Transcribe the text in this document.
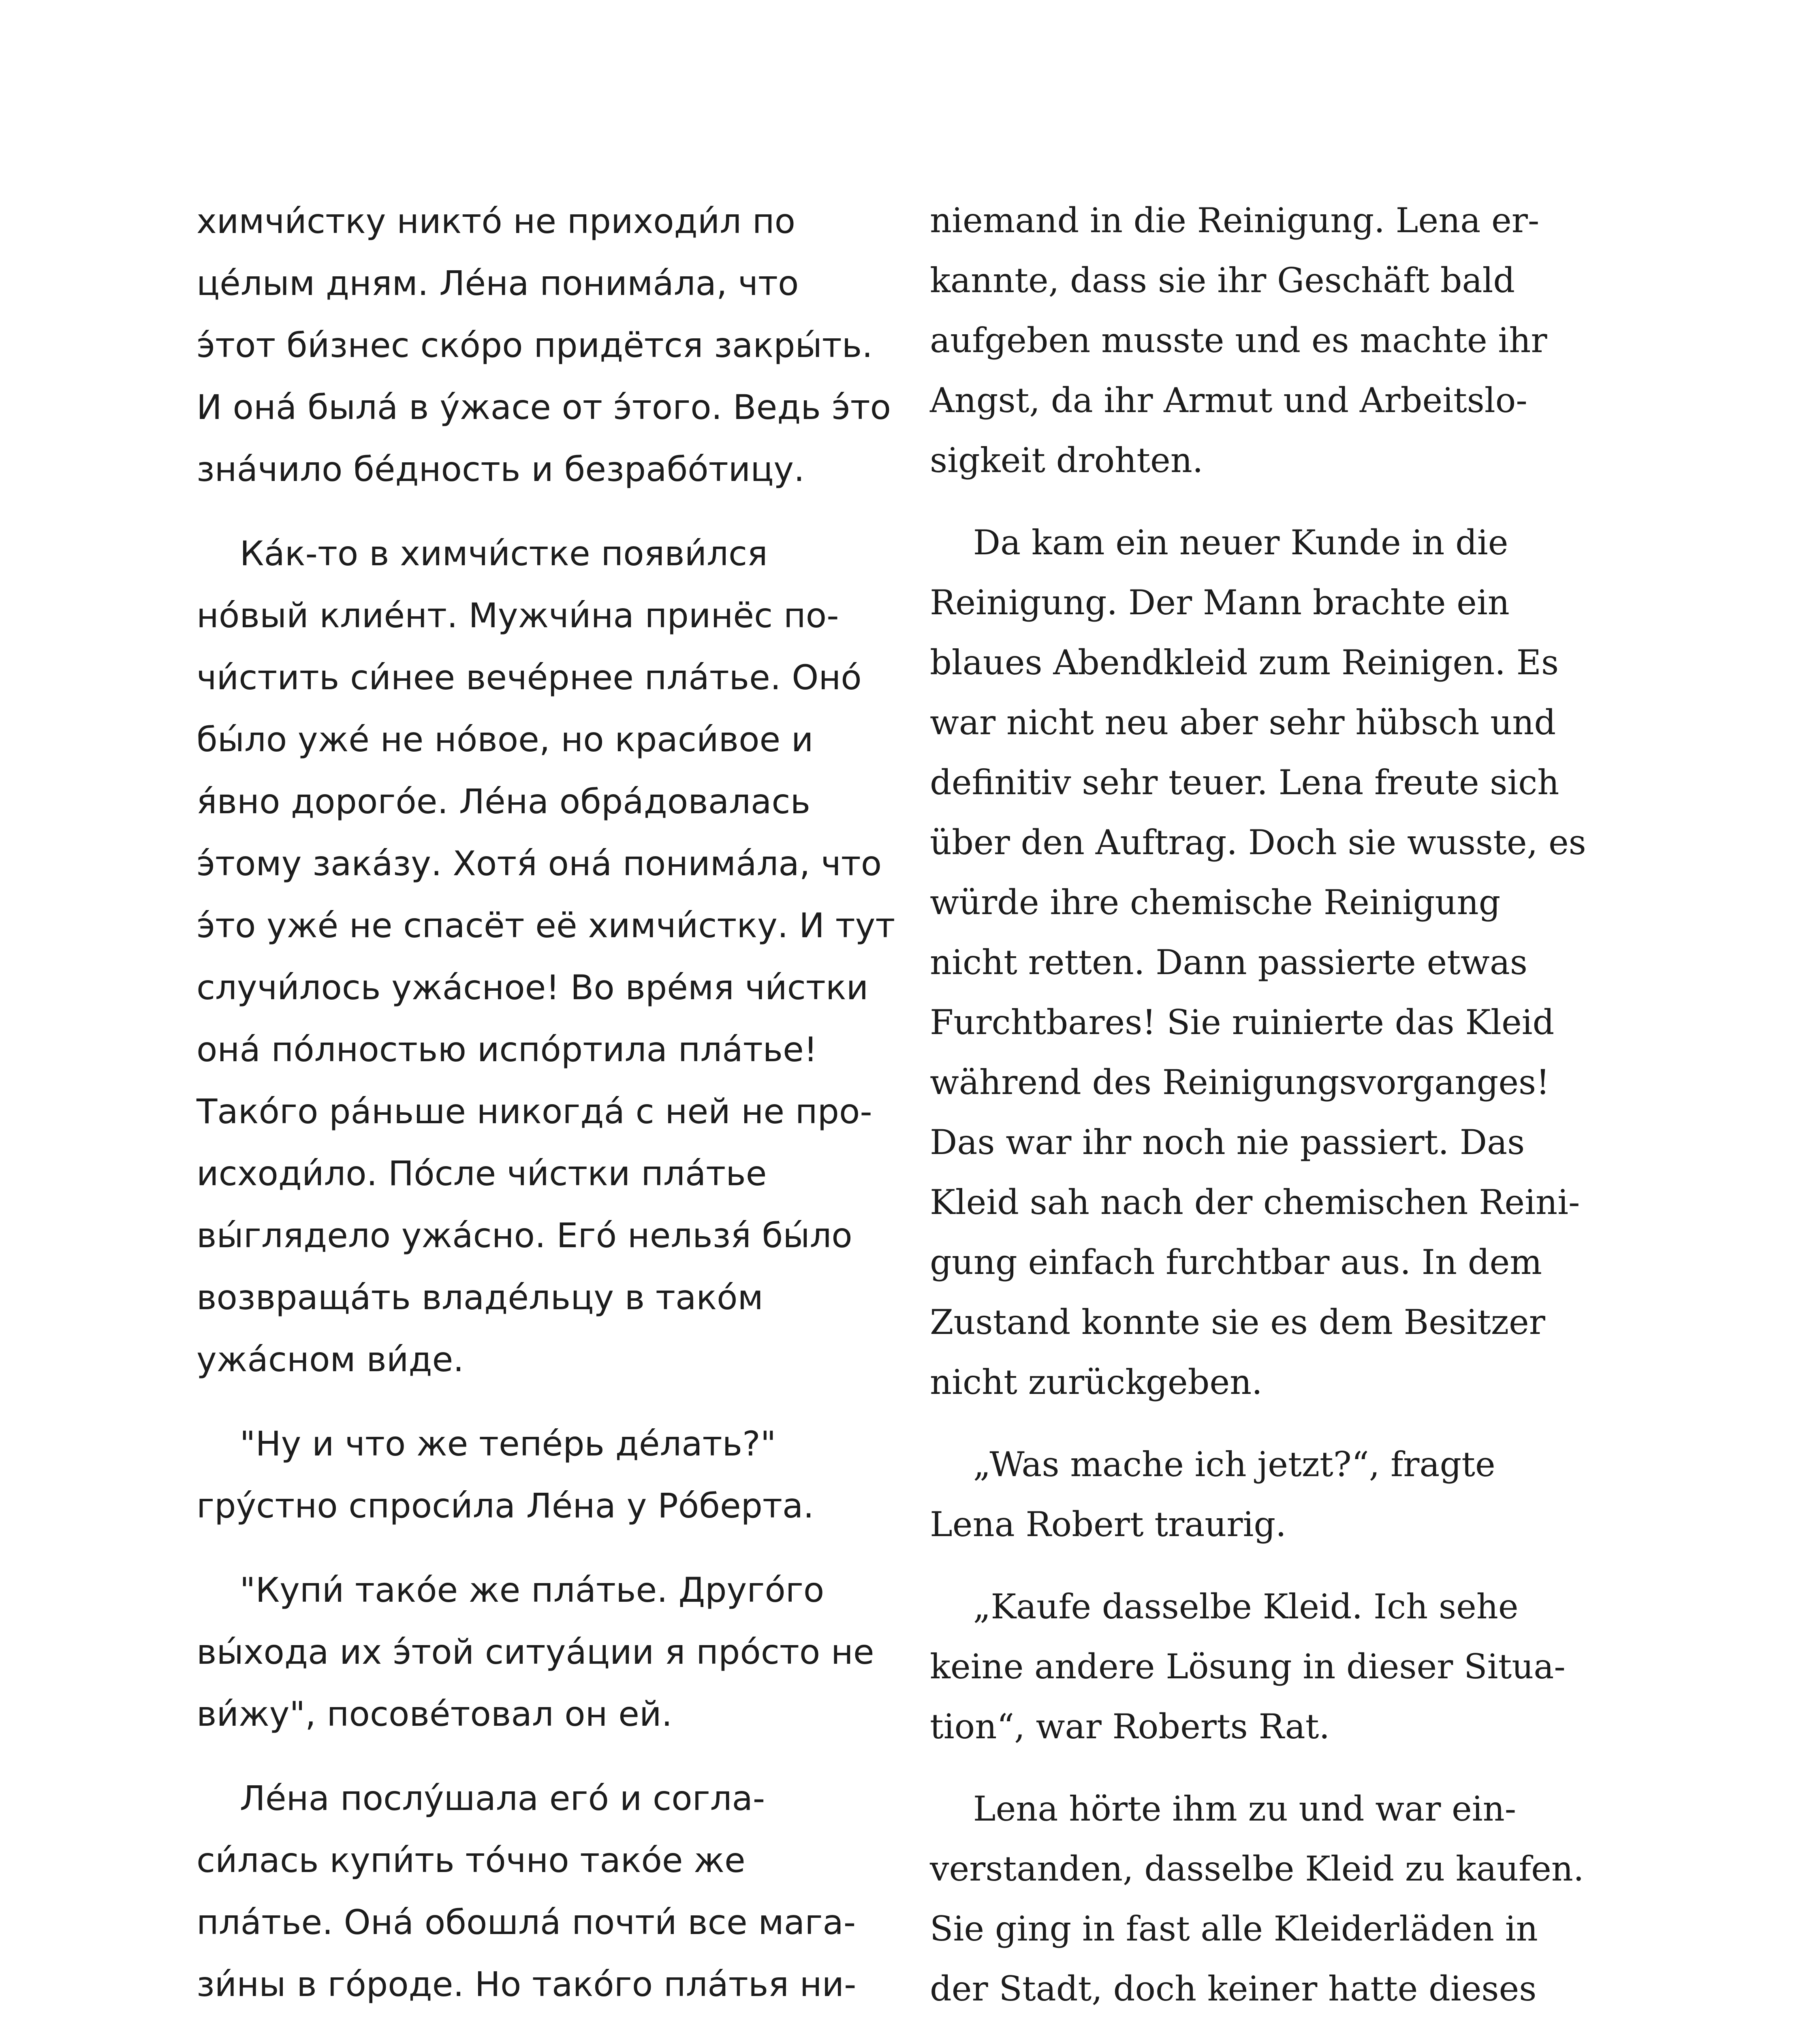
химчи́стку никто́ не приходи́л по
це́лым дням. Ле́на понима́ла, что
э́тот би́знес ско́ро придётся закры́ть.
И она́ была́ в у́жасе от э́того. Ведь э́то
зна́чило бе́дность и безрабо́тицу.
Ка́к-то в химчи́стке появи́лся
но́вый клие́нт. Мужчи́на принёс по-
чи́стить си́нее вече́рнее пла́тье. Оно́
бы́ло уже́ не но́вое, но краси́вое и
я́вно дорого́е. Ле́на обра́довалась
э́тому зака́зу. Хотя́ она́ понима́ла, что
э́то уже́ не спасёт её химчи́стку. И тут
случи́лось ужа́сное! Во вре́мя чи́стки
она́ по́лностью испо́ртила пла́тье!
Тако́го ра́ньше никогда́ с ней не про-
исходи́ло. По́сле чи́стки пла́тье
вы́глядело ужа́сно. Его́ нельзя́ бы́ло
возвраща́ть владе́льцу в тако́м
ужа́сном ви́де.
"Ну и что же тепе́рь де́лать?"
гру́стно спроси́ла Ле́на у Ро́берта.
"Купи́ тако́е же пла́тье. Друго́го
вы́хода их э́той ситуа́ции я про́сто не
ви́жу", посове́товал он ей.
Ле́на послу́шала его́ и согла-
си́лась купи́ть то́чно тако́е же
пла́тье. Она́ обошла́ почти́ все мага-
зи́ны в го́роде. Но тако́го пла́тья ни-
niemand in die Reinigung. Lena er-
kannte, dass sie ihr Geschäft bald
aufgeben musste und es machte ihr
Angst, da ihr Armut und Arbeitslo-
sigkeit drohten.
Da kam ein neuer Kunde in die
Reinigung. Der Mann brachte ein
blaues Abendkleid zum Reinigen. Es
war nicht neu aber sehr hübsch und
definitiv sehr teuer. Lena freute sich
über den Auftrag. Doch sie wusste, es
würde ihre chemische Reinigung
nicht retten. Dann passierte etwas
Furchtbares! Sie ruinierte das Kleid
während des Reinigungsvorganges!
Das war ihr noch nie passiert. Das
Kleid sah nach der chemischen Reini-
gung einfach furchtbar aus. In dem
Zustand konnte sie es dem Besitzer
nicht zurückgeben.
„Was mache ich jetzt?“, fragte
Lena Robert traurig.
„Kaufe dasselbe Kleid. Ich sehe
keine andere Lösung in dieser Situa-
tion“, war Roberts Rat.
Lena hörte ihm zu und war ein-
verstanden, dasselbe Kleid zu kaufen.
Sie ging in fast alle Kleiderläden in
der Stadt, doch keiner hatte dieses
